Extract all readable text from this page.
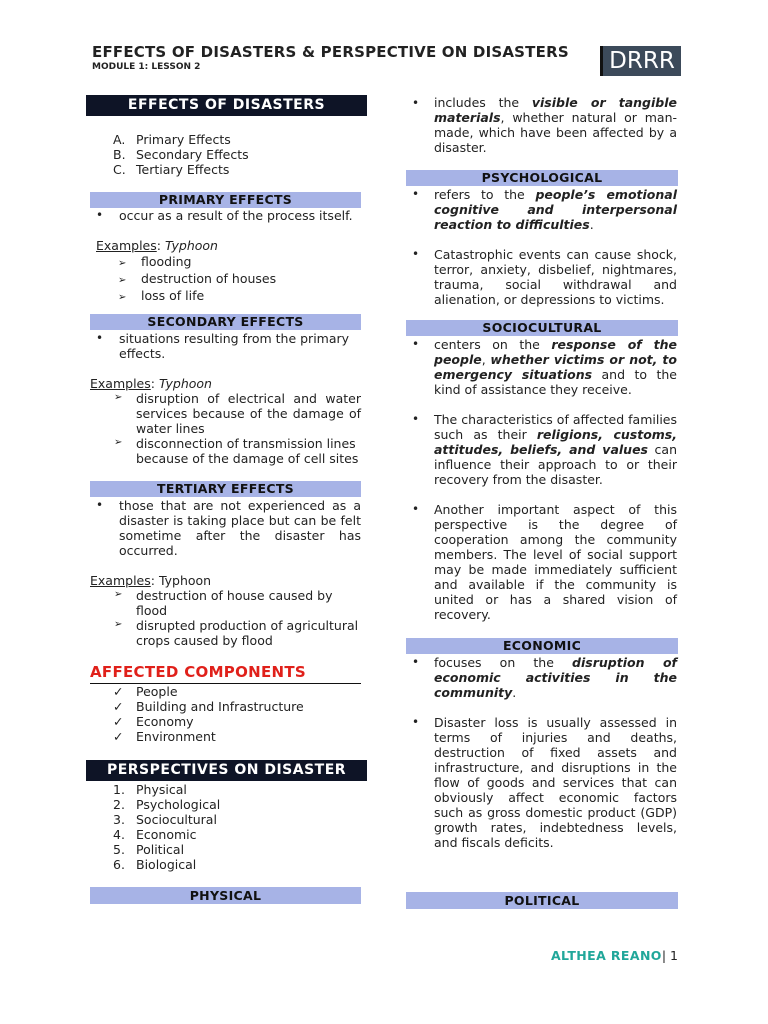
EFFECTS OF DISASTERS & PERSPECTIVE ON DISASTERS
MODULE 1: LESSON 2	DRRR
EFFECTS OF DISASTERS
A. Primary Effects
B. Secondary Effects
C. Tertiary Effects
PRIMARY EFFECTS
• occur as a result of the process itself.
Examples: Typhoon
➢ flooding
➢ destruction of houses
➢ loss of life
SECONDARY EFFECTS
• situations resulting from the primary effects.
Examples: Typhoon
➢ disruption of electrical and water services because of the damage of water lines
➢ disconnection of transmission lines because of the damage of cell sites
TERTIARY EFFECTS
• those that are not experienced as a disaster is taking place but can be felt sometime after the disaster has occurred.
Examples: Typhoon
➢ destruction of house caused by flood
➢ disrupted production of agricultural crops caused by flood
AFFECTED COMPONENTS
✓ People
✓ Building and Infrastructure
✓ Economy
✓ Environment
PERSPECTIVES ON DISASTER
1. Physical
2. Psychological
3. Sociocultural
4. Economic
5. Political
6. Biological
PHYSICAL
• includes the visible or tangible materials, whether natural or man-made, which have been affected by a disaster.
PSYCHOLOGICAL
• refers to the people’s emotional cognitive and interpersonal reaction to difficulties.
• Catastrophic events can cause shock, terror, anxiety, disbelief, nightmares, trauma, social withdrawal and alienation, or depressions to victims.
SOCIOCULTURAL
• centers on the response of the people, whether victims or not, to emergency situations and to the kind of assistance they receive.
• The characteristics of affected families such as their religions, customs, attitudes, beliefs, and values can influence their approach to or their recovery from the disaster.
• Another important aspect of this perspective is the degree of cooperation among the community members. The level of social support may be made immediately sufficient and available if the community is united or has a shared vision of recovery.
ECONOMIC
• focuses on the disruption of economic activities in the community.
• Disaster loss is usually assessed in terms of injuries and deaths, destruction of fixed assets and infrastructure, and disruptions in the flow of goods and services that can obviously affect economic factors such as gross domestic product (GDP) growth rates, indebtedness levels, and fiscals deficits.
POLITICAL
ALTHEA REANO| 1
